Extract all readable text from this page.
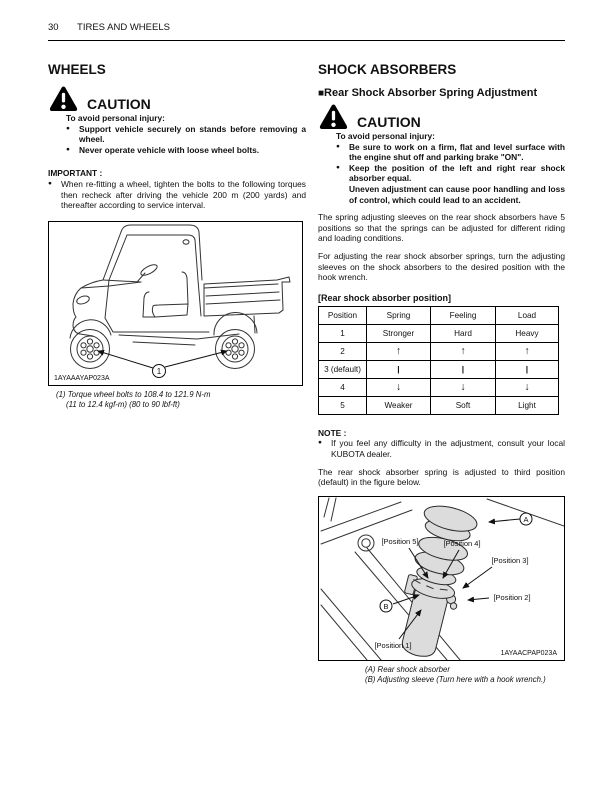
30 TIRES AND WHEELS
WHEELS
CAUTION

To avoid personal injury:

●	Support vehicle securely on stands before removing a wheel.

●	Never operate vehicle with loose wheel bolts.

IMPORTANT :

●	When re-fitting a wheel, tighten the bolts to the following torques then recheck after driving the vehicle 200 m (200 yards) and thereafter according to service interval.

1
1AYAAAYAP023A
(1) Torque wheel bolts to 108.4 to 121.9 N-m
(11 to 12.4 kgf-m) (80 to 90 lbf-ft)
SHOCK ABSORBERS
■Rear Shock Absorber Spring Adjustment
CAUTION

To avoid personal injury:

●	Be sure to work on a firm, flat and level surface with the engine shut off and parking brake "ON".

●	Keep the position of the left and right rear shock absorber equal.

Uneven adjustment can cause poor handling and loss of control, which could lead to an accident.

The spring adjusting sleeves on the rear shock absorbers have 5 positions so that the springs can be adjusted for different riding and loading conditions.

For adjusting the rear shock absorber springs, turn the adjusting sleeves on the shock absorbers to the desired position with the hook wrench.

[Rear shock absorber position]
Position	Spring	Feeling	Load
1	Stronger	Hard	Heavy
2	↑	↑	↑
3 (default)	|	|	|
4	↓	↓	↓
5	Weaker	Soft	Light

NOTE :

●	If you feel any difficulty in the adjustment, consult your local KUBOTA dealer.

The rear shock absorber spring is adjusted to third position (default) in the figure below.

A
B
[Position 5]	[Position 4]
[Position 3]
[Position 2]
[Position 1]
1AYAACPAP023A
(A) Rear shock absorber
(B) Adjusting sleeve (Turn here with a hook wrench.)
